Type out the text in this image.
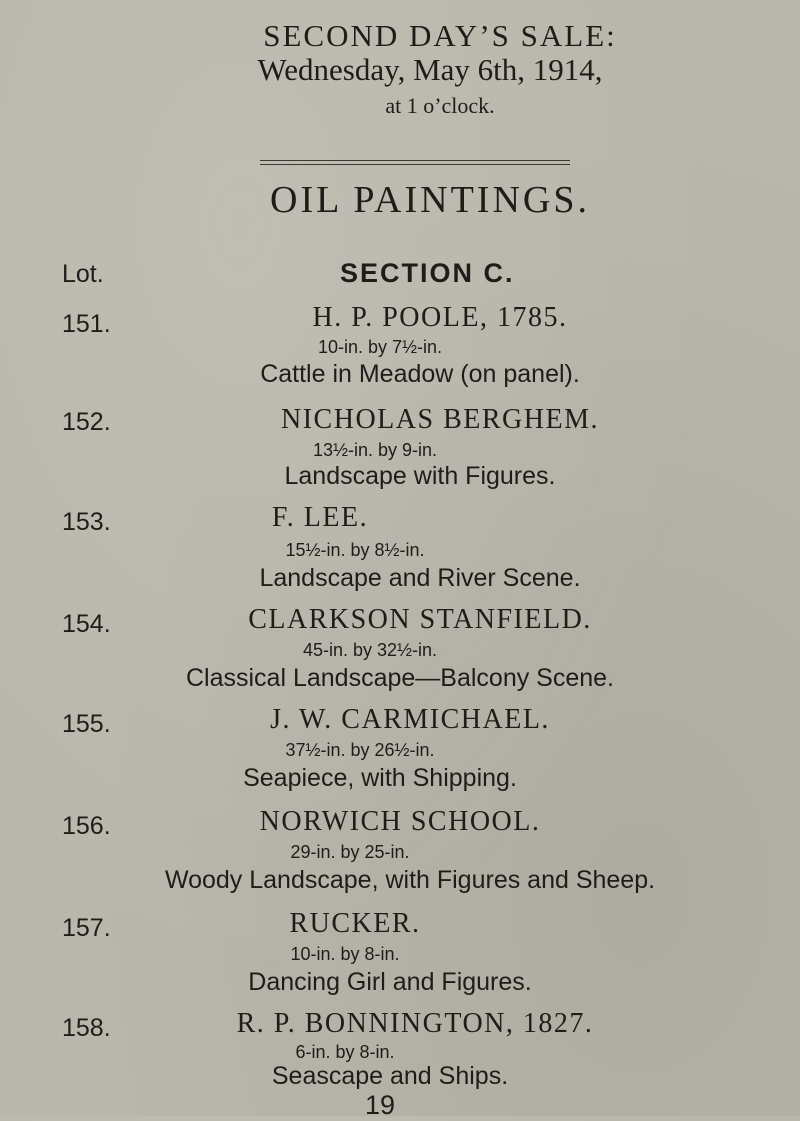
SECOND DAY’S SALE:
Wednesday, May 6th, 1914,
at 1 o’clock.
OIL PAINTINGS.
Lot.	SECTION C.
151.	H. P. POOLE, 1785.
10-in. by 7½-in.
Cattle in Meadow (on panel).
152.	NICHOLAS BERGHEM.
13½-in. by 9-in.
Landscape with Figures.
153.	F. LEE.
15½-in. by 8½-in.
Landscape and River Scene.
154.	CLARKSON STANFIELD.
45-in. by 32½-in.
Classical Landscape—Balcony Scene.
155.	J. W. CARMICHAEL.
37½-in. by 26½-in.
Seapiece, with Shipping.
156.	NORWICH SCHOOL.
29-in. by 25-in.
Woody Landscape, with Figures and Sheep.
157.	RUCKER.
10-in. by 8-in.
Dancing Girl and Figures.
158.	R. P. BONNINGTON, 1827.
6-in. by 8-in.
Seascape and Ships.
19
